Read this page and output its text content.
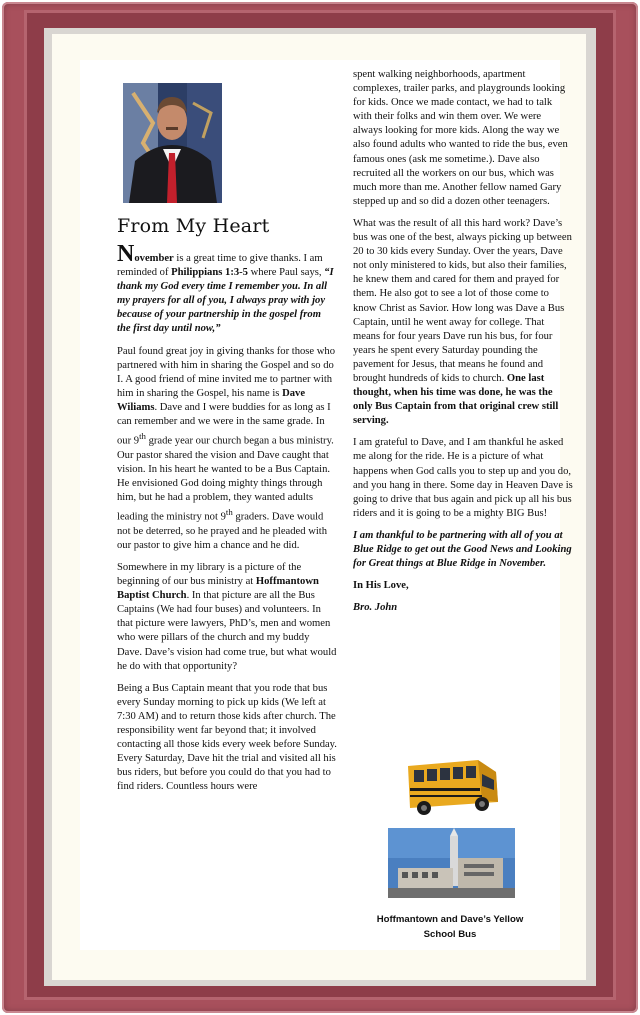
From My Heart

November is a great time to give thanks. I am reminded of Philippians 1:3-5 where Paul says, “I thank my God every time I remember you. In all my prayers for all of you, I always pray with joy because of your partnership in the gospel from the first day until now,”

Paul found great joy in giving thanks for those who partnered with him in sharing the Gospel and so do I. A good friend of mine invited me to partner with him in sharing the Gospel, his name is Dave Wiliams. Dave and I were buddies for as long as I can remember and we were in the same grade. In our 9th grade year our church began a bus ministry. Our pastor shared the vision and Dave caught that vision. In his heart he wanted to be a Bus Captain. He envisioned God doing mighty things through him, but he had a problem, they wanted adults leading the ministry not 9th graders. Dave would not be deterred, so he prayed and he pleaded with our pastor to give him a chance and he did.

Somewhere in my library is a picture of the beginning of our bus ministry at Hoffmantown Baptist Church. In that picture are all the Bus Captains (We had four buses) and volunteers. In that picture were lawyers, PhD’s, men and women who were pillars of the church and my buddy Dave. Dave’s vision had come true, but what would he do with that opportunity?

Being a Bus Captain meant that you rode that bus every Sunday morning to pick up kids (We left at 7:30 AM) and to return those kids after church. The responsibility went far beyond that; it involved contacting all those kids every week before Sunday. Every Saturday, Dave hit the trial and visited all his bus riders, but before you could do that you had to find riders. Countless hours were

spent walking neighborhoods, apartment complexes, trailer parks, and playgrounds looking for kids. Once we made contact, we had to talk with their folks and win them over. We were always looking for more kids. Along the way we also found adults who wanted to ride the bus, even famous ones (ask me sometime.). Dave also recruited all the workers on our bus, which was much more than me. Another fellow named Gary stepped up and so did a dozen other teenagers.

What was the result of all this hard work? Dave’s bus was one of the best, always picking up between 20 to 30 kids every Sunday. Over the years, Dave not only ministered to kids, but also their families, he knew them and cared for them and prayed for them. He also got to see a lot of those come to know Christ as Savior. How long was Dave a Bus Captain, until he went away for college. That means for four years Dave run his bus, for four years he spent every Saturday pounding the pavement for Jesus, that means he found and brought hundreds of kids to church. One last thought, when his time was done, he was the only Bus Captain from that original crew still serving.

I am grateful to Dave, and I am thankful he asked me along for the ride. He is a picture of what happens when God calls you to step up and you do, and you hang in there. Some day in Heaven Dave is going to drive that bus again and pick up all his bus riders and it is going to be a mighty BIG Bus!

I am thankful to be partnering with all of you at Blue Ridge to get out the Good News and Looking for Great things at Blue Ridge in November.

In His Love,

Bro. John

Hoffmantown and Dave’s Yellow
School Bus
